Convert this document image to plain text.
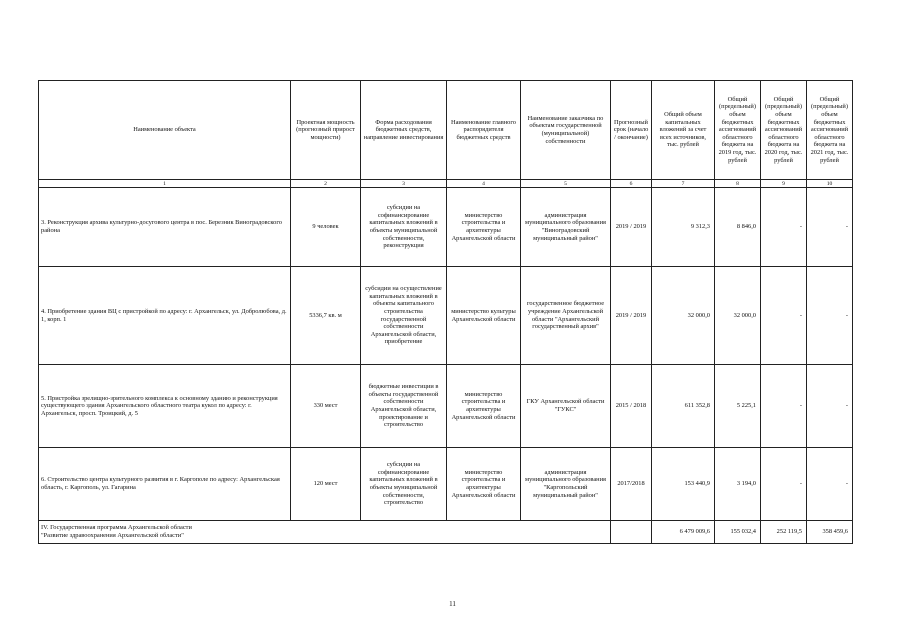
Наименование объекта	Проектная мощность (прогнозный прирост мощности)	Форма расходования бюджетных средств, направление инвестирования	Наименование главного распорядителя бюджетных средств	Наименование заказчика по объектам государственной (муниципальной) собственности	Прогнозный срок (начало / окончание)	Общий объем капитальных вложений за счет всех источников, тыс. рублей	Общий (предельный) объем бюджетных ассигнований областного бюджета на 2019 год, тыс. рублей	Общий (предельный) объем бюджетных ассигнований областного бюджета на 2020 год, тыс. рублей	Общий (предельный) объем бюджетных ассигнований областного бюджета на 2021 год, тыс. рублей
1	2	3	4	5	6	7	8	9	10
3. Реконструкция архива культурно-досугового центра в пос. Березник Виноградовского района	9 человек	субсидии на софинансирование капитальных вложений в объекты муниципальной собственности, реконструкция	министерство строительства и архитектуры Архангельской области	администрация муниципального образования "Виноградовский муниципальный район"	2019 / 2019	9 312,3	8 846,0	-	-
4. Приобретение здания ВЦ с пристройкой по адресу: г. Архангельск, ул. Добролюбова, д. 1, корп. 1	5336,7 кв. м	субсидии на осуществление капитальных вложений в объекты капитального строительства государственной собственности Архангельской области, приобретение	министерство культуры Архангельской области	государственное бюджетное учреждение Архангельской области "Архангельский государственный архив"	2019 / 2019	32 000,0	32 000,0	-	-
5. Пристройка зрелищно-зрительного комплекса к основному зданию и реконструкция существующего здания Архангельского областного театра кукол по адресу: г. Архангельск, просп. Троицкий, д. 5	330 мест	бюджетные инвестиции в объекты государственной собственности Архангельской области, проектирование и строительство	министерство строительства и архитектуры Архангельской области	ГКУ Архангельской области "ГУКС"	2015 / 2018	611 352,8	5 225,1	-	-
6. Строительство центра культурного развития в г. Каргополе по адресу: Архангельская область, г. Каргополь, ул. Гагарина	120 мест	субсидии на софинансирование капитальных вложений в объекты муниципальной собственности, строительство	министерство строительства и архитектуры Архангельской области	администрация муниципального образования "Каргопольский муниципальный район"	2017/2018	153 440,9	3 194,0	-	-

IV. Государственная программа Архангельской области
"Развитие здравоохранения Архангельской области"						6 479 009,6	155 032,4	252 119,5	358 459,6
11
